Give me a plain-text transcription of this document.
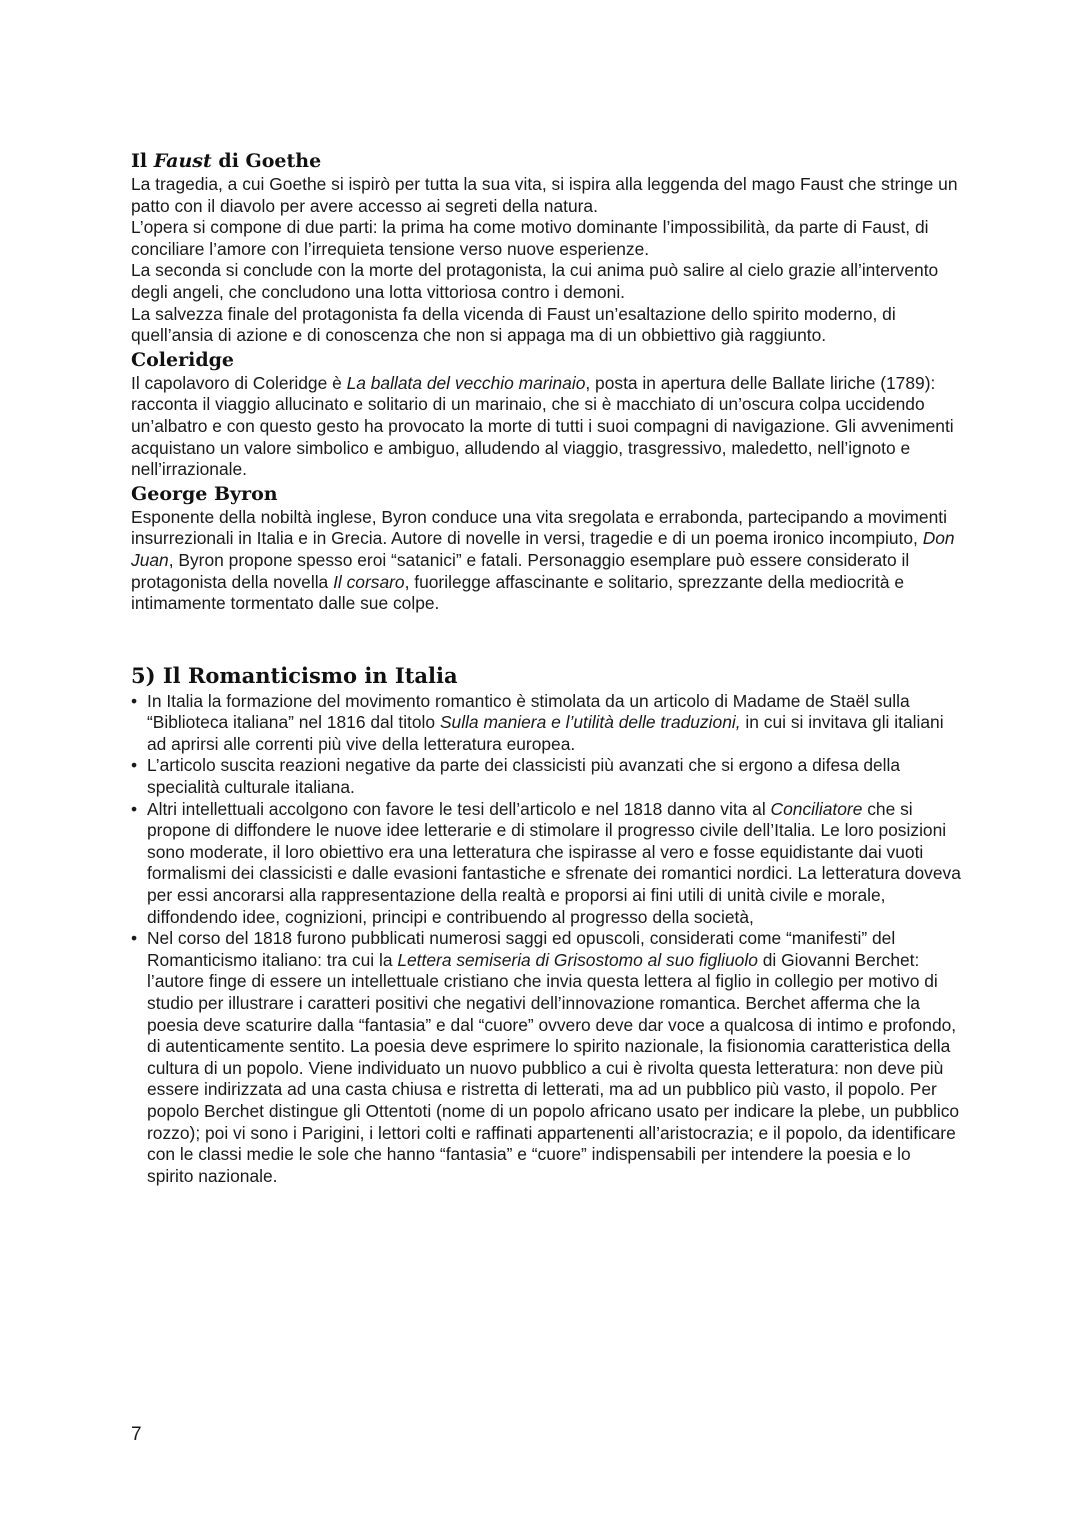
Il Faust di Goethe

La tragedia, a cui Goethe si ispirò per tutta la sua vita, si ispira alla leggenda del mago Faust che stringe un patto con il diavolo per avere accesso ai segreti della natura.

L’opera si compone di due parti: la prima ha come motivo dominante l’impossibilità, da parte di Faust, di conciliare l’amore con l’irrequieta tensione verso nuove esperienze.

La seconda si conclude con la morte del protagonista, la cui anima può salire al cielo grazie all’intervento degli angeli, che concludono una lotta vittoriosa contro i demoni.

La salvezza finale del protagonista fa della vicenda di Faust un’esaltazione dello spirito moderno, di quell’ansia di azione e di conoscenza che non si appaga ma di un obbiettivo già raggiunto.

Coleridge

Il capolavoro di Coleridge è La ballata del vecchio marinaio, posta in apertura delle Ballate liriche (1789): racconta il viaggio allucinato e solitario di un marinaio, che si è macchiato di un’oscura colpa uccidendo un’albatro e con questo gesto ha provocato la morte di tutti i suoi compagni di navigazione. Gli avvenimenti acquistano un valore simbolico e ambiguo, alludendo al viaggio, trasgressivo, maledetto, nell’ignoto e nell’irrazionale.

George Byron

Esponente della nobiltà inglese, Byron conduce una vita sregolata e errabonda, partecipando a movimenti insurrezionali in Italia e in Grecia. Autore di novelle in versi, tragedie e di un poema ironico incompiuto, Don Juan, Byron propone spesso eroi “satanici” e fatali. Personaggio esemplare può essere considerato il protagonista della novella Il corsaro, fuorilegge affascinante e solitario, sprezzante della mediocrità e intimamente tormentato dalle sue colpe.

5) Il Romanticismo in Italia
• In Italia la formazione del movimento romantico è stimolata da un articolo di Madame de Staël sulla “Biblioteca italiana” nel 1816 dal titolo Sulla maniera e l’utilità delle traduzioni, in cui si invitava gli italiani ad aprirsi alle correnti più vive della letteratura europea.
• L’articolo suscita reazioni negative da parte dei classicisti più avanzati che si ergono a difesa della specialità culturale italiana.
• Altri intellettuali accolgono con favore le tesi dell’articolo e nel 1818 danno vita al Conciliatore che si propone di diffondere le nuove idee letterarie e di stimolare il progresso civile dell’Italia. Le loro posizioni sono moderate, il loro obiettivo era una letteratura che ispirasse al vero e fosse equidistante dai vuoti formalismi dei classicisti e dalle evasioni fantastiche e sfrenate dei romantici nordici. La letteratura doveva per essi ancorarsi alla rappresentazione della realtà e proporsi ai fini utili di unità civile e morale, diffondendo idee, cognizioni, principi e contribuendo al progresso della società,
• Nel corso del 1818 furono pubblicati numerosi saggi ed opuscoli, considerati come “manifesti” del Romanticismo italiano: tra cui la Lettera semiseria di Grisostomo al suo figliuolo di Giovanni Berchet: l’autore finge di essere un intellettuale cristiano che invia questa lettera al figlio in collegio per motivo di studio per illustrare i caratteri positivi che negativi dell’innovazione romantica. Berchet afferma che la poesia deve scaturire dalla “fantasia” e dal “cuore” ovvero deve dar voce a qualcosa di intimo e profondo, di autenticamente sentito. La poesia deve esprimere lo spirito nazionale, la fisionomia caratteristica della cultura di un popolo. Viene individuato un nuovo pubblico a cui è rivolta questa letteratura: non deve più essere indirizzata ad una casta chiusa e ristretta di letterati, ma ad un pubblico più vasto, il popolo. Per popolo Berchet distingue gli Ottentoti (nome di un popolo africano usato per indicare la plebe, un pubblico rozzo); poi vi sono i Parigini, i lettori colti e raffinati appartenenti all’aristocrazia; e il popolo, da identificare con le classi medie le sole che hanno “fantasia” e “cuore” indispensabili per intendere la poesia e lo spirito nazionale.
7
